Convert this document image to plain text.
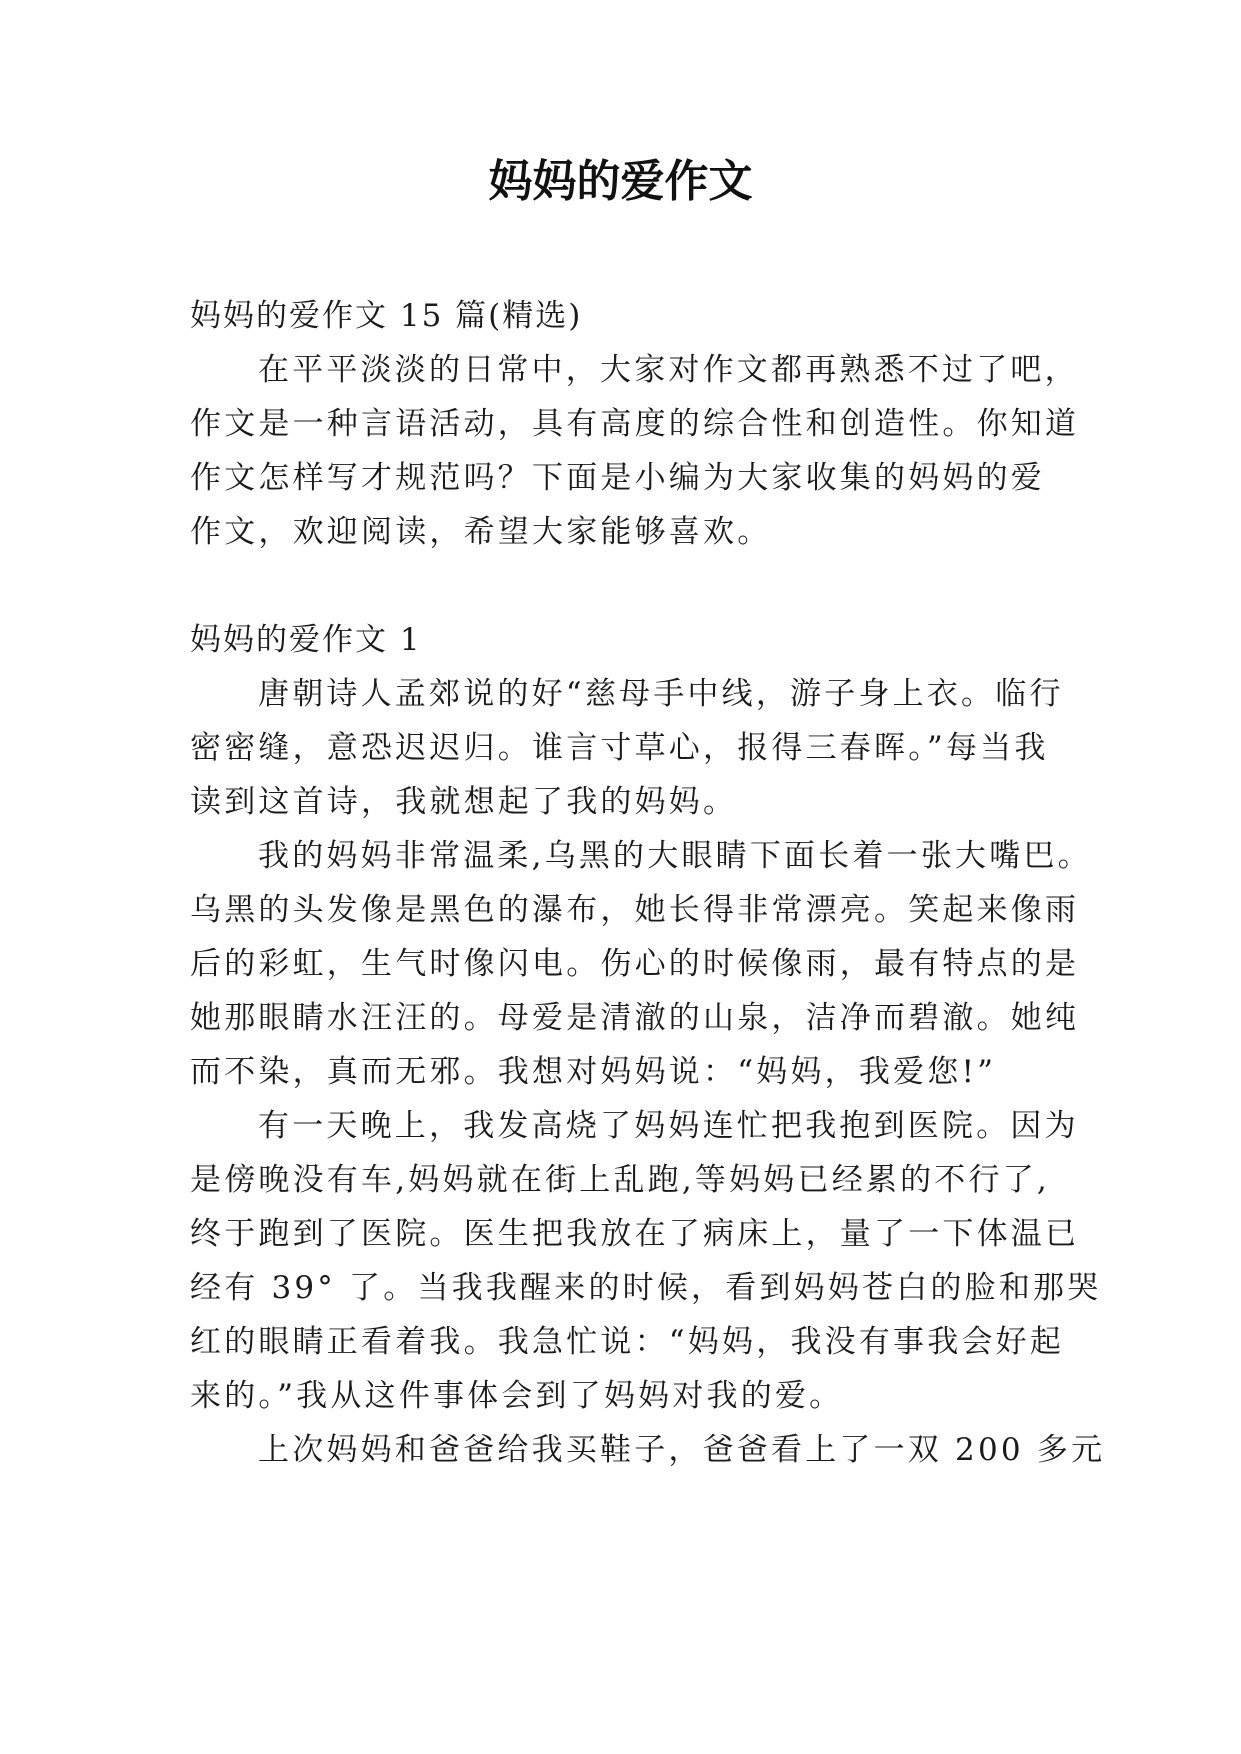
妈妈的爱作文
妈妈的爱作文 15 篇(精选)
在平平淡淡的日常中，大家对作文都再熟悉不过了吧，
作文是一种言语活动，具有高度的综合性和创造性。你知道
作文怎样写才规范吗？下面是小编为大家收集的妈妈的爱
作文，欢迎阅读，希望大家能够喜欢。
妈妈的爱作文 1
唐朝诗人孟郊说的好“慈母手中线，游子身上衣。临行
密密缝，意恐迟迟归。谁言寸草心，报得三春晖。”每当我
读到这首诗，我就想起了我的妈妈。
我的妈妈非常温柔,乌黑的大眼睛下面长着一张大嘴巴。
乌黑的头发像是黑色的瀑布，她长得非常漂亮。笑起来像雨
后的彩虹，生气时像闪电。伤心的时候像雨，最有特点的是
她那眼睛水汪汪的。母爱是清澈的山泉，洁净而碧澈。她纯
而不染，真而无邪。我想对妈妈说：“妈妈，我爱您!”
有一天晚上，我发高烧了妈妈连忙把我抱到医院。因为
是傍晚没有车,妈妈就在街上乱跑,等妈妈已经累的不行了,
终于跑到了医院。医生把我放在了病床上，量了一下体温已
经有 39° 了。当我我醒来的时候，看到妈妈苍白的脸和那哭
红的眼睛正看着我。我急忙说：“妈妈，我没有事我会好起
来的。”我从这件事体会到了妈妈对我的爱。
上次妈妈和爸爸给我买鞋子，爸爸看上了一双 200 多元
